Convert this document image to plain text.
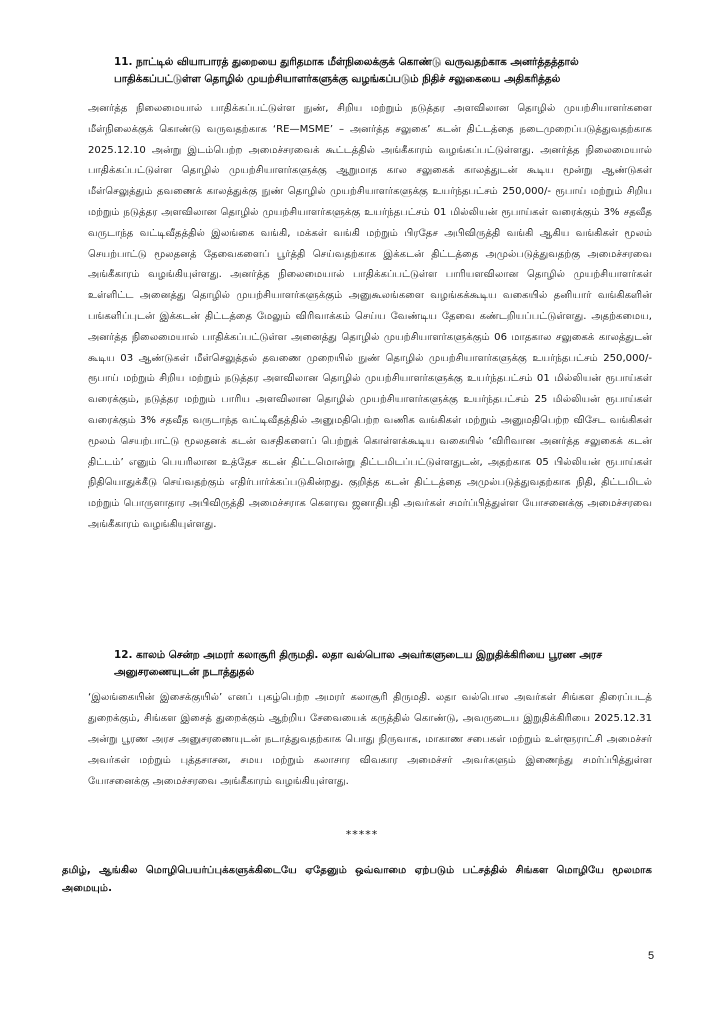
11. நாட்டில் வியாபாரத் துறையை துரிதமாக மீள்நிலைக்குக் கொண்டு வருவதற்காக அனர்த்தத்தால் பாதிக்கப்பட்டுள்ள தொழில் முயற்சியாளர்களுக்கு வழங்கப்படும் நிதிச் சலுகையை அதிகரித்தல்

அனர்த்த நிலைமையால் பாதிக்கப்பட்டுள்ள நுண், சிறிய மற்றும் நடுத்தர அளவிலான தொழில் முயற்சியாளர்களை மீள்நிலைக்குக் கொண்டு வருவதற்காக ‘RE—MSME’ – அனர்த்த சலுகை’ கடன் திட்டத்தை நடைமுறைப்படுத்துவதற்காக 2025.12.10 அன்று இடம்பெற்ற அமைச்சரவைக் கூட்டத்தில் அங்கீகாரம் வழங்கப்பட்டுள்ளது. அனர்த்த நிலைமையால் பாதிக்கப்பட்டுள்ள தொழில் முயற்சியாளர்களுக்கு ஆறுமாத கால சலுகைக் காலத்துடன் கூடிய மூன்று ஆண்டுகள் மீள்செலுத்தும் தவணைக் காலத்துக்கு நுண் தொழில் முயற்சியாளர்களுக்கு உயர்ந்தபட்சம் 250,000/- ரூபாய் மற்றும் சிறிய மற்றும் நடுத்தர அளவிலான தொழில் முயற்சியாளர்களுக்கு உயர்ந்தபட்சம் 01 மில்லியன் ரூபாய்கள் வரைக்கும் 3% சதவீத வருடாந்த வட்டிவீதத்தில் இலங்கை வங்கி, மக்கள் வங்கி மற்றும் பிரதேச அபிவிருத்தி வங்கி ஆகிய வங்கிகள் மூலம் செயற்பாட்டு மூலதனத் தேவைகளைப் பூர்த்தி செய்வதற்காக இக்கடன் திட்டத்தை அமுல்படுத்துவதற்கு அமைச்சரவை அங்கீகாரம் வழங்கியுள்ளது. அனர்த்த நிலைமையால் பாதிக்கப்பட்டுள்ள பாரியளவிலான தொழில் முயற்சியாளர்கள் உள்ளிட்ட அனைத்து தொழில் முயற்சியாளர்களுக்கும் அனுகூலங்களை வழங்கக்கூடிய வகையில் தனியார் வங்கிகளின் பங்களிப்புடன் இக்கடன் திட்டத்தை மேலும் விரிவாக்கம் செய்ய வேண்டிய தேவை கண்டறியப்பட்டுள்ளது. அதற்கமைய, அனர்த்த நிலைமையால் பாதிக்கப்பட்டுள்ள அனைத்து தொழில் முயற்சியாளர்களுக்கும் 06 மாதகால சலுகைக் காலத்துடன் கூடிய 03 ஆண்டுகள் மீள்செலுத்தல் தவணை முறையில் நுண் தொழில் முயற்சியாளர்களுக்கு உயர்ந்தபட்சம் 250,000/- ரூபாய் மற்றும் சிறிய மற்றும் நடுத்தர அளவிலான தொழில் முயற்சியாளர்களுக்கு உயர்ந்தபட்சம் 01 மில்லியன் ரூபாய்கள் வரைக்கும், நடுத்தர மற்றும் பாரிய அளவிலான தொழில் முயற்சியாளர்களுக்கு உயர்ந்தபட்சம் 25 மில்லியன் ரூபாய்கள் வரைக்கும் 3% சதவீத வருடாந்த வட்டிவீதத்தில் அனுமதிபெற்ற வணிக வங்கிகள் மற்றும் அனுமதிபெற்ற விசேட வங்கிகள் மூலம் செயற்பாட்டு மூலதனக் கடன் வசதிகளைப் பெற்றுக் கொள்ளக்கூடிய வகையில் ‘விரிவான அனர்த்த சலுகைக் கடன் திட்டம்’ எனும் பெயரிலான உத்தேச கடன் திட்டமொன்று திட்டமிடப்பட்டுள்ளதுடன், அதற்காக 05 பில்லியன் ரூபாய்கள் நிதியொதுக்கீடு செய்வதற்கும் எதிர்பார்க்கப்படுகின்றது. குறித்த கடன் திட்டத்தை அமுல்படுத்துவதற்காக நிதி, திட்டமிடல் மற்றும் பொருளாதார அபிவிருத்தி அமைச்சராக கௌரவ ஜனாதிபதி அவர்கள் சமர்ப்பித்துள்ள யோசனைக்கு அமைச்சரவை அங்கீகாரம் வழங்கியுள்ளது.

12. காலம் சென்ற அமரர் கலாசூரி திருமதி. லதா வல்பொல அவர்களுடைய இறுதிக்கிரியை பூரண அரச அனுசரணையுடன் நடாத்துதல்

‘இலங்கையின் இசைக்குயில்’ எனப் புகழ்பெற்ற அமரர் கலாசூரி திருமதி. லதா வல்பொல அவர்கள் சிங்கள திரைப்படத் துறைக்கும், சிங்கள இசைத் துறைக்கும் ஆற்றிய சேவையைக் கருத்தில் கொண்டு, அவருடைய இறுதிக்கிரியை 2025.12.31 அன்று பூரண அரச அனுசரணையுடன் நடாத்துவதற்காக பொது நிருவாக, மாகாண சபைகள் மற்றும் உள்ளூராட்சி அமைச்சர் அவர்கள் மற்றும் புத்தசாசன, சமய மற்றும் கலாசார விவகார அமைச்சர் அவர்களும் இணைந்து சமர்ப்பித்துள்ள யோசனைக்கு அமைச்சரவை அங்கீகாரம் வழங்கியுள்ளது.

*****

தமிழ், ஆங்கில மொழிபெயர்ப்புக்களுக்கிடையே ஏதேனும் ஒவ்வாமை ஏற்படும் பட்சத்தில் சிங்கள மொழியே மூலமாக அமையும்.

5
